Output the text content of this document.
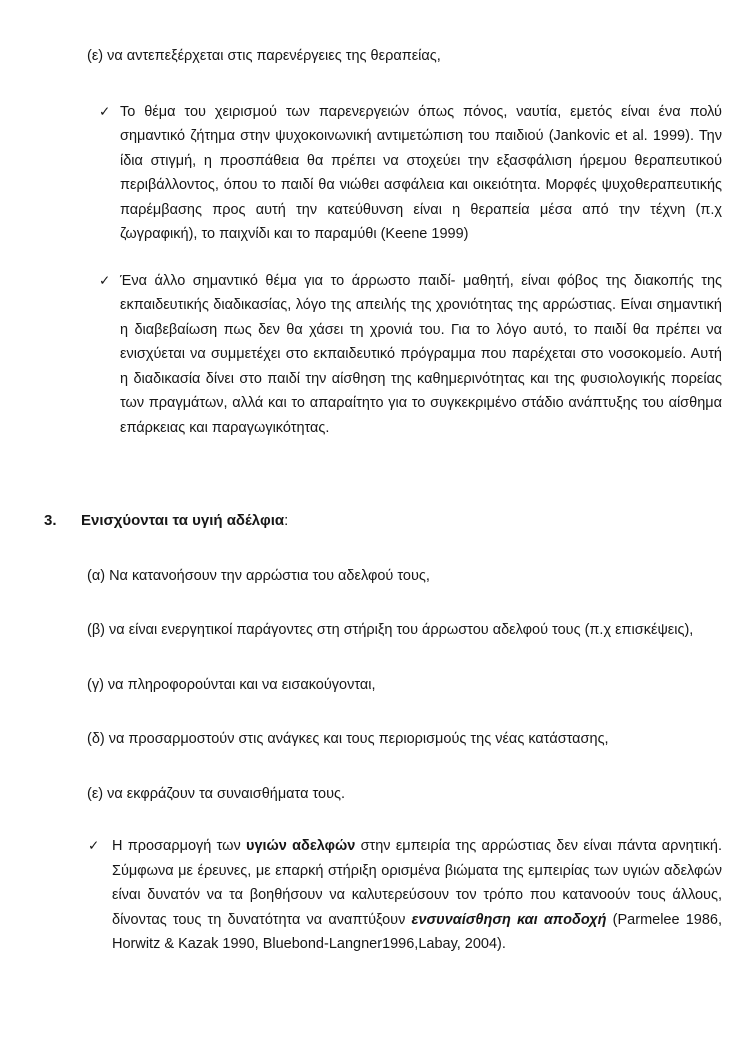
(ε) να αντεπεξέρχεται στις παρενέργειες της θεραπείας,

✓ Το θέμα του χειρισμού των παρενεργειών όπως πόνος, ναυτία, εμετός είναι ένα πολύ σημαντικό ζήτημα στην ψυχοκοινωνική αντιμετώπιση του παιδιού (Jankovic et al. 1999). Την ίδια στιγμή, η προσπάθεια θα πρέπει να στοχεύει την εξασφάλιση ήρεμου θεραπευτικού περιβάλλοντος, όπου το παιδί θα νιώθει ασφάλεια και οικειότητα. Μορφές ψυχοθεραπευτικής παρέμβασης προς αυτή την κατεύθυνση είναι η θεραπεία μέσα από την τέχνη (π.χ ζωγραφική), το παιχνίδι και το παραμύθι (Keene 1999)
✓ Ένα άλλο σημαντικό θέμα για το άρρωστο παιδί- μαθητή, είναι φόβος της διακοπής της εκπαιδευτικής διαδικασίας, λόγο της απειλής της χρονιότητας της αρρώστιας. Είναι σημαντική η διαβεβαίωση πως δεν θα χάσει τη χρονιά του. Για το λόγο αυτό, το παιδί θα πρέπει να ενισχύεται να συμμετέχει στο εκπαιδευτικό πρόγραμμα που παρέχεται στο νοσοκομείο. Αυτή η διαδικασία δίνει στο παιδί την αίσθηση της καθημερινότητας και της φυσιολογικής πορείας των πραγμάτων, αλλά και το απαραίτητο για το συγκεκριμένο στάδιο ανάπτυξης του αίσθημα επάρκειας και παραγωγικότητας.
3.	Ενισχύονται τα υγιή αδέλφια:

(α) Να κατανοήσουν την αρρώστια του αδελφού τους,

(β) να είναι ενεργητικοί παράγοντες στη στήριξη του άρρωστου αδελφού τους (π.χ επισκέψεις),

(γ) να πληροφορούνται και να εισακούγονται,

(δ) να προσαρμοστούν στις ανάγκες και τους περιορισμούς της νέας κατάστασης,

(ε) να εκφράζουν τα συναισθήματα τους.

✓ Η προσαρμογή των υγιών αδελφών στην εμπειρία της αρρώστιας δεν είναι πάντα αρνητική. Σύμφωνα με έρευνες, με επαρκή στήριξη ορισμένα βιώματα της εμπειρίας των υγιών αδελφών είναι δυνατόν να τα βοηθήσουν να καλυτερεύσουν τον τρόπο που κατανοούν τους άλλους, δίνοντας τους τη δυνατότητα να αναπτύξουν ενσυναίσθηση και αποδοχή (Parmelee 1986, Horwitz & Kazak 1990, Bluebond-Langner1996,Labay, 2004).
